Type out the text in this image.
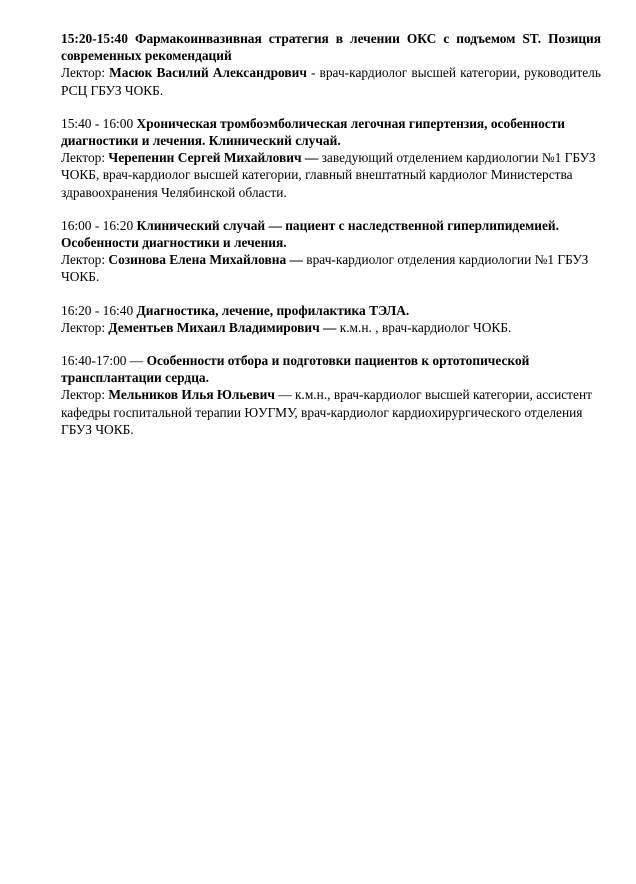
15:20-15:40 Фармакоинвазивная стратегия в лечении ОКС с подъемом ST. Позиция современных рекомендаций

Лектор: Масюк Василий Александрович - врач-кардиолог высшей категории, руководитель РСЦ ГБУЗ ЧОКБ.

15:40 - 16:00 Хроническая тромбоэмболическая легочная гипертензия, особенности диагностики и лечения. Клинический случай.

Лектор: Черепенин Сергей Михайлович — заведующий отделением кардиологии №1 ГБУЗ ЧОКБ, врач-кардиолог высшей категории, главный внештатный кардиолог Министерства здравоохранения Челябинской области.

16:00 - 16:20 Клинический случай — пациент с наследственной гиперлипидемией. Особенности диагностики и лечения.

Лектор: Созинова Елена Михайловна — врач-кардиолог отделения кардиологии №1 ГБУЗ ЧОКБ.

16:20 - 16:40 Диагностика, лечение, профилактика ТЭЛА.

Лектор: Дементьев Михаил Владимирович — к.м.н. , врач-кардиолог ЧОКБ.

16:40-17:00 — Особенности отбора и подготовки пациентов к ортотопической трансплантации сердца.

Лектор: Мельников Илья Юльевич — к.м.н., врач-кардиолог высшей категории, ассистент кафедры госпитальной терапии ЮУГМУ, врач-кардиолог кардиохирургического отделения ГБУЗ ЧОКБ.
